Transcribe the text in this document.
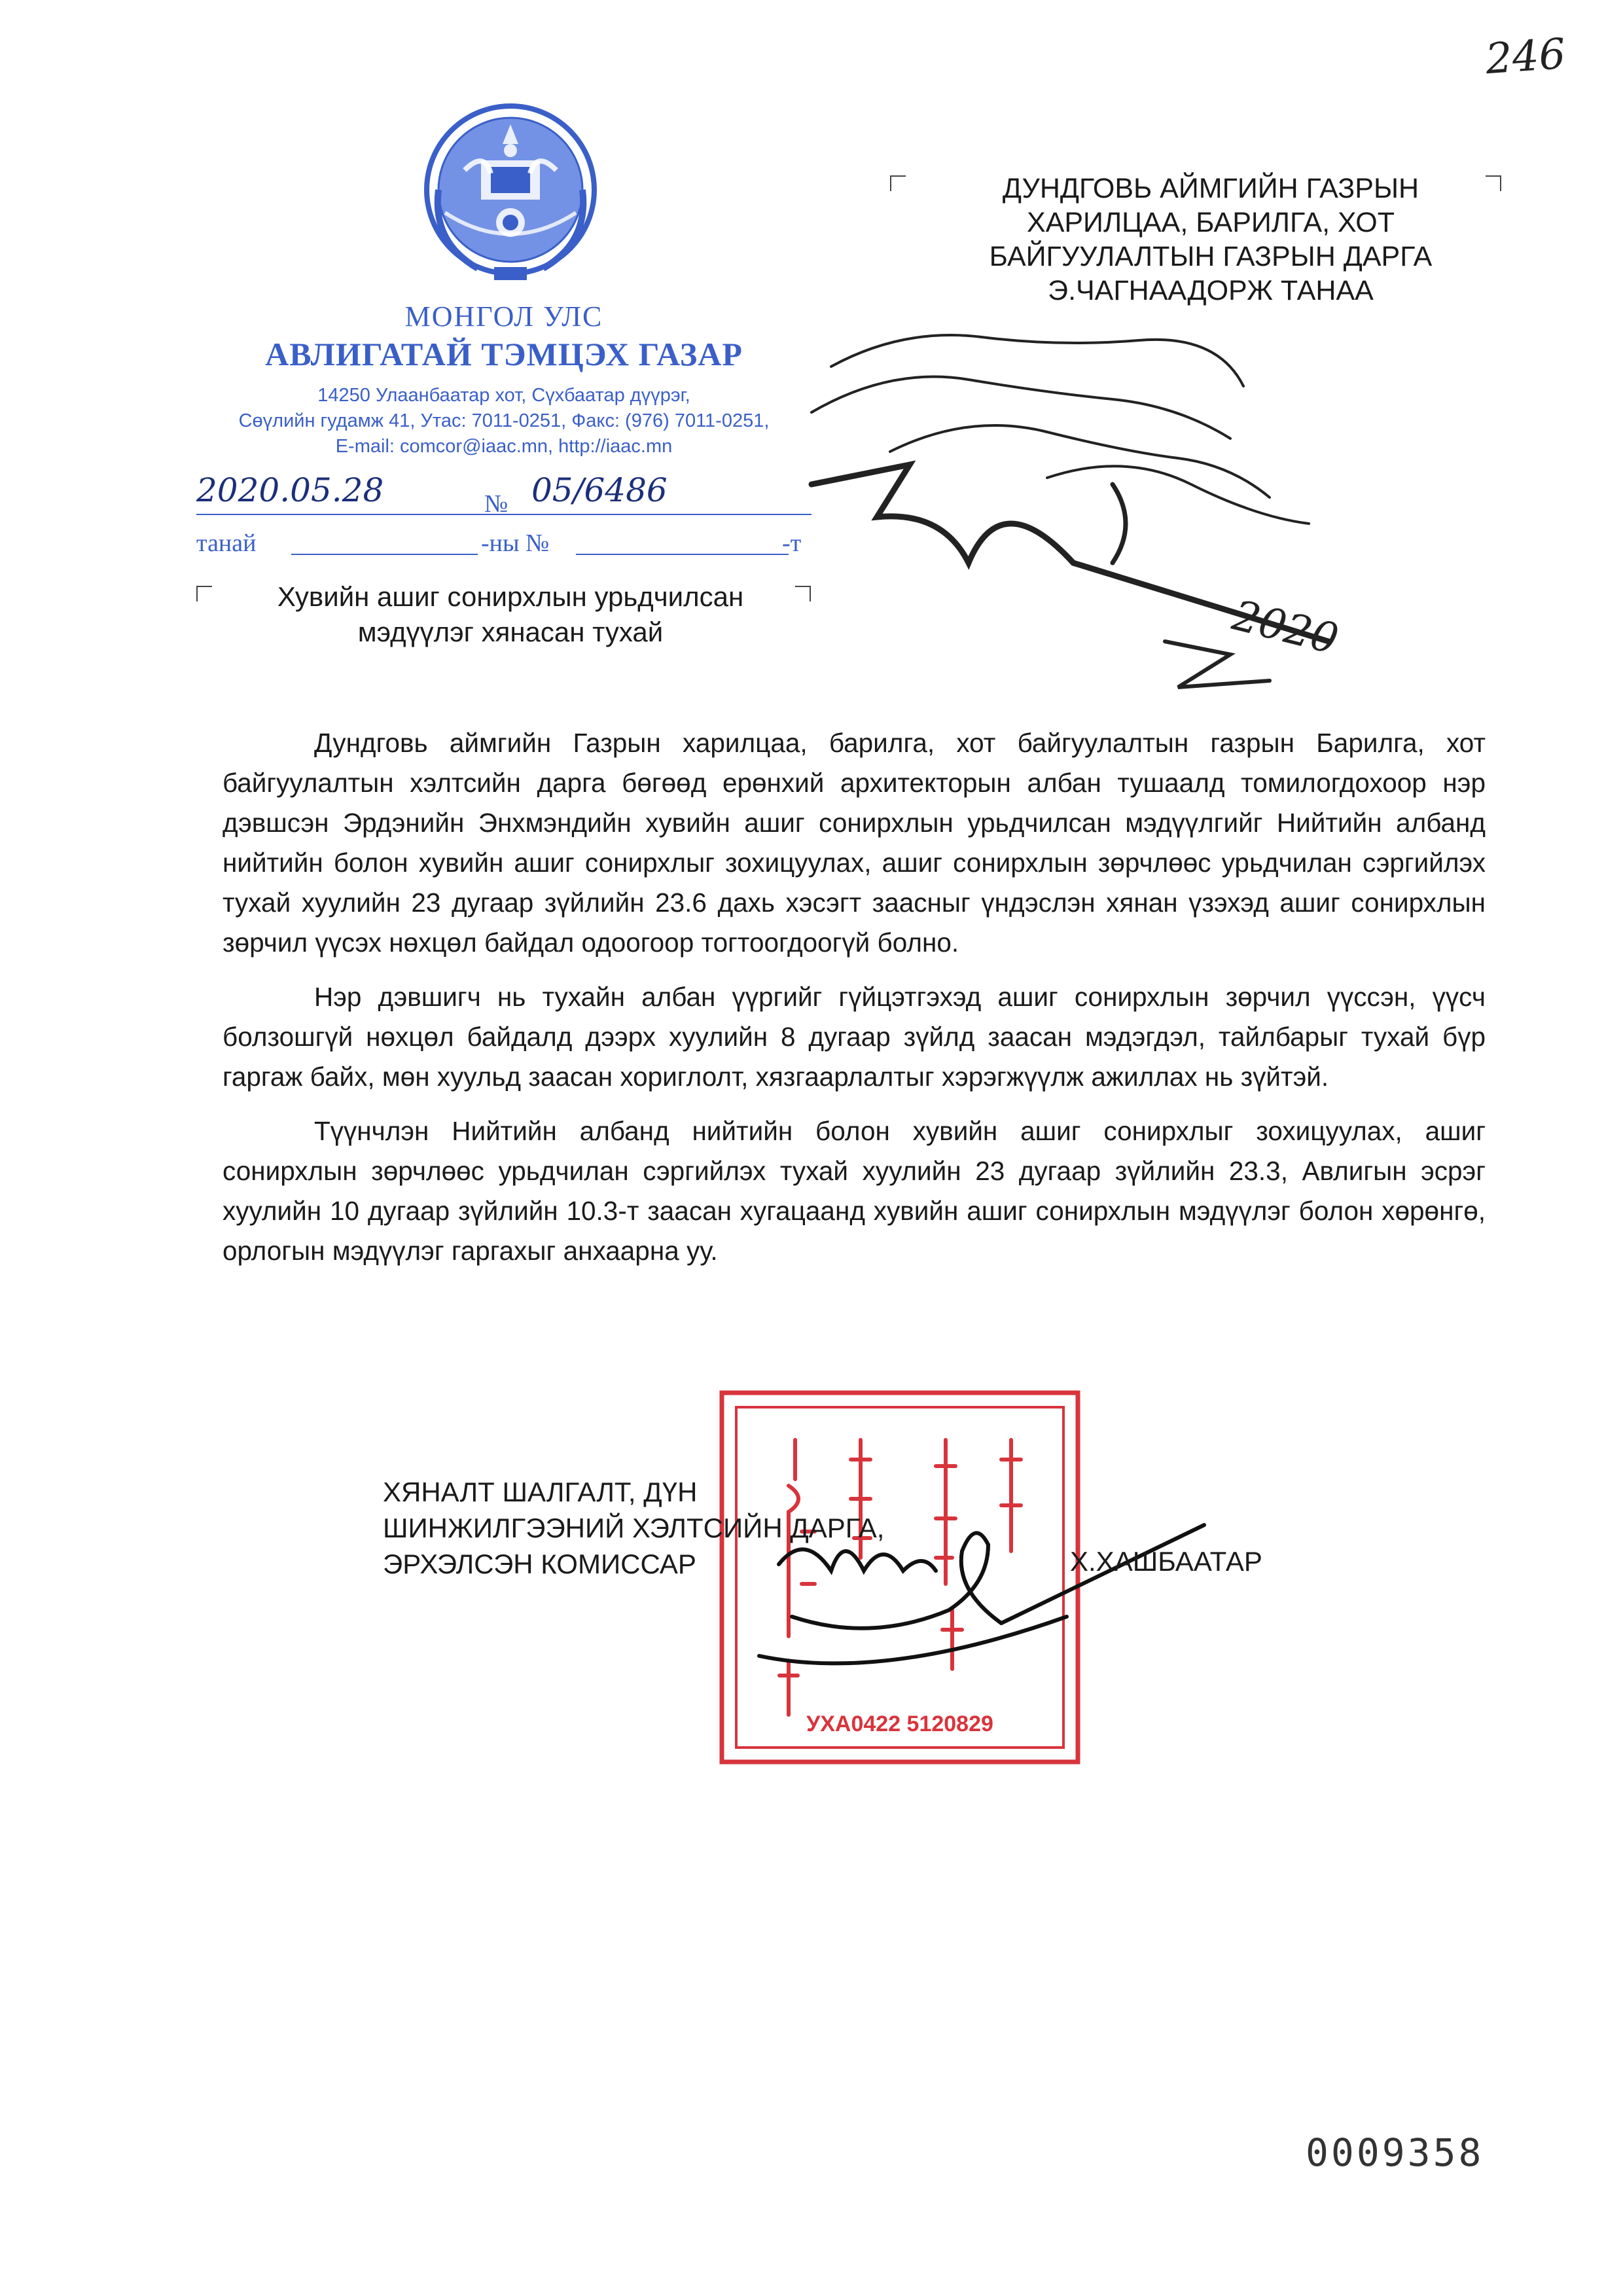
246
МОНГОЛ УЛС
АВЛИГАТАЙ ТЭМЦЭХ ГАЗАР
14250 Улаанбаатар хот, Сүхбаатар дүүрэг,
Сөүлийн гудамж 41, Утас: 7011-0251, Факс: (976) 7011-0251,
E-mail: comcor@iaac.mn, http://iaac.mn
2020.05.28	№ 05/6486
танай	-ны №	-т
Хувийн ашиг сонирхлын урьдчилсан
мэдүүлэг хянасан тухай
ДУНДГОВЬ АЙМГИЙН ГАЗРЫН
ХАРИЛЦАА, БАРИЛГА, ХОТ
БАЙГУУЛАЛТЫН ГАЗРЫН ДАРГА
Э.ЧАГНААДОРЖ ТАНАА
2020

Дундговь аймгийн Газрын харилцаа, барилга, хот байгуулалтын газрын Барилга, хот байгуулалтын хэлтсийн дарга бөгөөд ерөнхий архитекторын албан тушаалд томилогдохоор нэр дэвшсэн Эрдэнийн Энхмэндийн хувийн ашиг сонирхлын урьдчилсан мэдүүлгийг Нийтийн албанд нийтийн болон хувийн ашиг сонирхлыг зохицуулах, ашиг сонирхлын зөрчлөөс урьдчилан сэргийлэх тухай хуулийн 23 дугаар зүйлийн 23.6 дахь хэсэгт заасныг үндэслэн хянан үзэхэд ашиг сонирхлын зөрчил үүсэх нөхцөл байдал одоогоор тогтоогдоогүй болно.

Нэр дэвшигч нь тухайн албан үүргийг гүйцэтгэхэд ашиг сонирхлын зөрчил үүссэн, үүсч болзошгүй нөхцөл байдалд дээрх хуулийн 8 дугаар зүйлд заасан мэдэгдэл, тайлбарыг тухай бүр гаргаж байх, мөн хуульд заасан хориглолт, хязгаарлалтыг хэрэгжүүлж ажиллах нь зүйтэй.

Түүнчлэн Нийтийн албанд нийтийн болон хувийн ашиг сонирхлыг зохицуулах, ашиг сонирхлын зөрчлөөс урьдчилан сэргийлэх тухай хуулийн 23 дугаар зүйлийн 23.3, Авлигын эсрэг хуулийн 10 дугаар зүйлийн 10.3-т заасан хугацаанд хувийн ашиг сонирхлын мэдүүлэг болон хөрөнгө, орлогын мэдүүлэг гаргахыг анхаарна уу.

УХА0422 5120829
ХЯНАЛТ ШАЛГАЛТ, ДҮН
ШИНЖИЛГЭЭНИЙ ХЭЛТСИЙН ДАРГА,
ЭРХЭЛСЭН КОМИССАР	Х.ХАШБААТАР
0009358
